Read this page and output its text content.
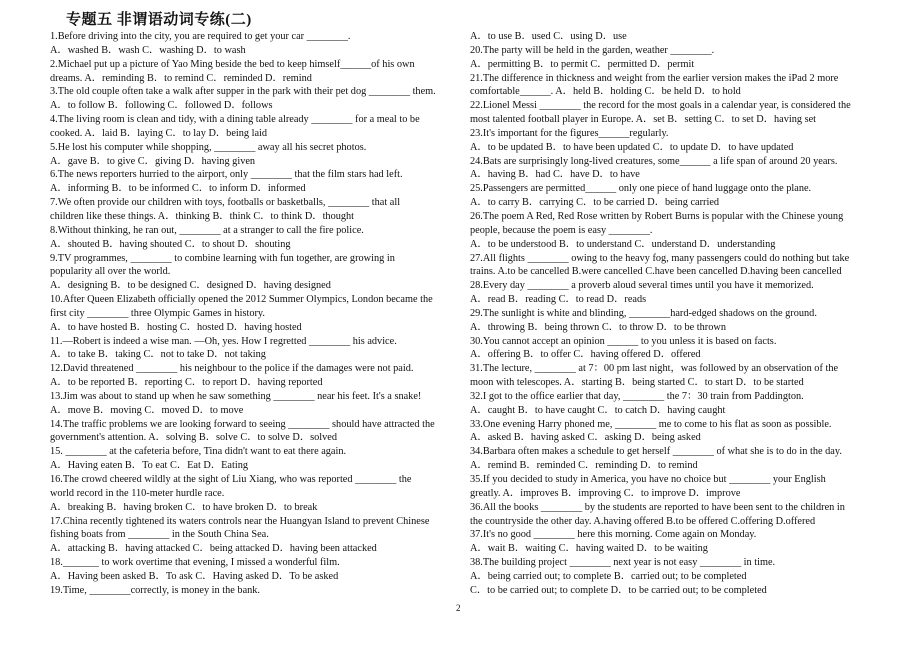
专题五 非谓语动词专练(二)
1.Before driving into the city, you are required to get your car ________.
A．washed B．wash C．washing D．to wash
2.Michael put up a picture of Yao Ming beside the bed to keep himself______of his own
dreams. A．reminding B．to remind C．reminded D．remind
3.The old couple often take a walk after supper in the park with their pet dog ________ them.
A．to follow B．following C．followed D．follows
4.The living room is clean and tidy, with a dining table already ________ for a meal to be
cooked. A．laid B．laying C．to lay D．being laid
5.He lost his computer while shopping, ________ away all his secret photos.
A．gave B．to give C．giving D．having given
6.The news reporters hurried to the airport, only ________ that the film stars had left.
A．informing B．to be informed C．to inform D．informed
7.We often provide our children with toys, footballs or basketballs, ________ that all
children like these things. A．thinking B．think C．to think D．thought
8.Without thinking, he ran out, ________ at a stranger to call the fire police.
A．shouted B．having shouted C．to shout D．shouting
9.TV programmes, ________ to combine learning with fun together, are growing in
popularity all over the world.
A．designing B．to be designed C．designed D．having designed
10.After Queen Elizabeth officially opened the 2012 Summer Olympics, London became the
first city ________ three Olympic Games in history.
A．to have hosted B．hosting C．hosted D．having hosted
11.—Robert is indeed a wise man. —Oh, yes. How I regretted ________ his advice.
A．to take B．taking C．not to take D．not taking
12.David threatened ________ his neighbour to the police if the damages were not paid.
A．to be reported B．reporting C．to report D．having reported
13.Jim was about to stand up when he saw something ________ near his feet. It's a snake!
A．move B．moving C．moved D．to move
14.The traffic problems we are looking forward to seeing ________ should have attracted the
government's attention. A．solving B．solve C．to solve D．solved
15. ________ at the cafeteria before, Tina didn't want to eat there again.
A．Having eaten B．To eat C．Eat D．Eating
16.The crowd cheered wildly at the sight of Liu Xiang, who was reported ________ the
world record in the 110-meter hurdle race.
A．breaking B．having broken C．to have broken D．to break
17.China recently tightened its waters controls near the Huangyan Island to prevent Chinese
fishing boats from ________ in the South China Sea.
A．attacking B．having attacked C．being attacked D．having been attacked
18._______ to work overtime that evening, I missed a wonderful film.
A．Having been asked B．To ask C．Having asked D．To be asked
19.Time, ________correctly, is money in the bank.
A．to use B．used C．using D．use
20.The party will be held in the garden, weather ________.
A．permitting B．to permit C．permitted D．permit
21.The difference in thickness and weight from the earlier version makes the iPad 2 more
comfortable______. A．held B．holding C．be held D．to hold
22.Lionel Messi ________ the record for the most goals in a calendar year, is considered the
most talented football player in Europe. A．set B．setting C．to set D．having set
23.It's important for the figures______regularly.
A．to be updated B．to have been updated C．to update D．to have updated
24.Bats are surprisingly long-lived creatures, some______ a life span of around 20 years.
A．having B．had C．have D．to have
25.Passengers are permitted______ only one piece of hand luggage onto the plane.
A．to carry B．carrying C．to be carried D．being carried
26.The poem A Red, Red Rose written by Robert Burns is popular with the Chinese young
people, because the poem is easy ________.
A．to be understood B．to understand C．understand D．understanding
27.All flights ________ owing to the heavy fog, many passengers could do nothing but take
trains. A.to be cancelled B.were cancelled C.have been cancelled D.having been cancelled
28.Every day ________ a proverb aloud several times until you have it memorized.
A．read B．reading C．to read D．reads
29.The sunlight is white and blinding, ________hard-edged shadows on the ground.
A．throwing B．being thrown C．to throw D．to be thrown
30.You cannot accept an opinion ______ to you unless it is based on facts.
A．offering B．to offer C．having offered D．offered
31.The lecture, ________ at 7：00 pm last night，was followed by an observation of the
moon with telescopes. A．starting B．being started C．to start D．to be started
32.I got to the office earlier that day, ________ the 7：30 train from Paddington.
A．caught B．to have caught C．to catch D．having caught
33.One evening Harry phoned me, ________ me to come to his flat as soon as possible.
A．asked B．having asked C．asking D．being asked
34.Barbara often makes a schedule to get herself ________ of what she is to do in the day.
A．remind B．reminded C．reminding D．to remind
35.If you decided to study in America, you have no choice but ________ your English
greatly. A．improves B．improving C．to improve D．improve
36.All the books ________ by the students are reported to have been sent to the children in
the countryside the other day. A.having offered B.to be offered C.offering D.offered
37.It's no good ________ here this morning. Come again on Monday.
A．wait B．waiting C．having waited D．to be waiting
38.The building project ________ next year is not easy ________ in time.
A．being carried out; to complete B．carried out; to be completed
C．to be carried out; to complete D．to be carried out; to be completed
2
